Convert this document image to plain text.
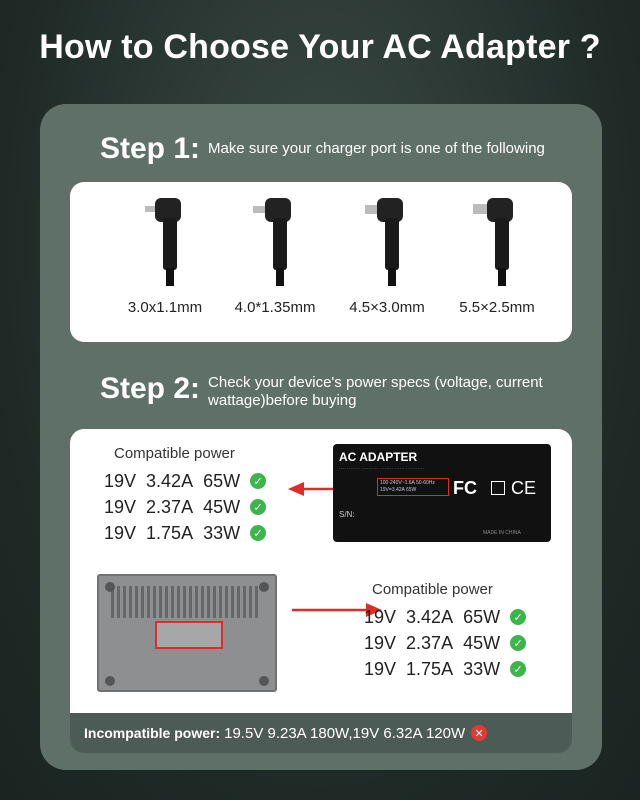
How to Choose Your AC Adapter ?
Step 1: Make sure your charger port is one of the following
3.0x1.1mm	4.0*1.35mm	4.5×3.0mm	5.5×2.5mm
Step 2: Check your device's power specs (voltage, current wattage)before buying
Compatible power
19V 3.42A 65W	✓
19V 2.37A 45W	✓
19V 1.75A 33W	✓
AC ADAPTER
···· ········ ·········· ········ ······ ···········
100-240V~1.6A 50-60Hz
19V=3.42A 65W	FC CE
S/N:
MADE IN CHINA
Compatible power
19V 3.42A 65W	✓
19V 2.37A 45W	✓
19V 1.75A 33W	✓
Incompatible power: 19.5V 9.23A 180W,19V 6.32A 120W ✕
